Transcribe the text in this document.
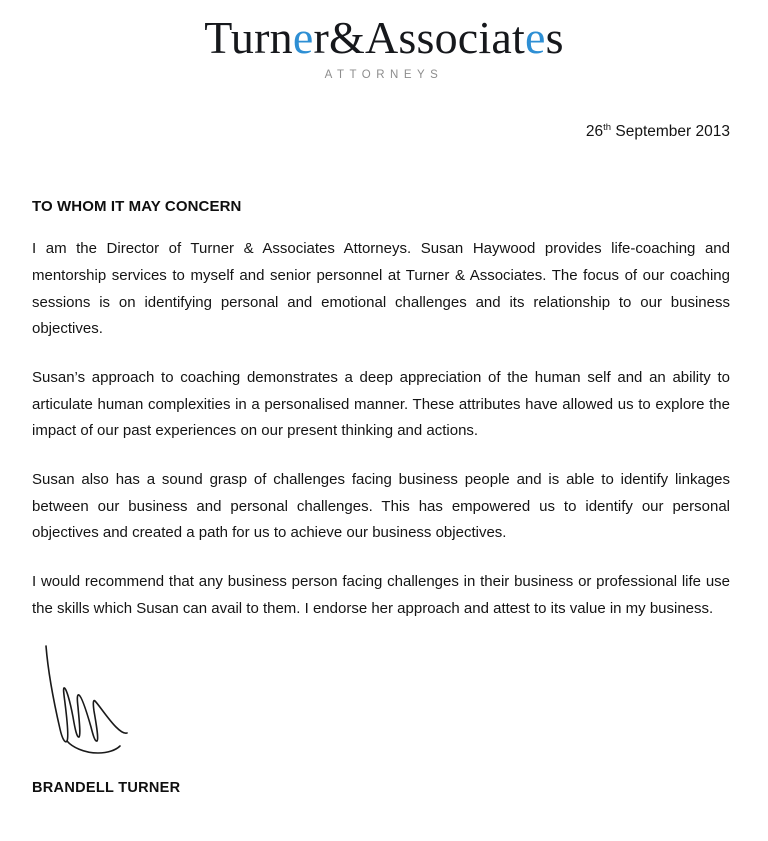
Turner&Associates
ATTORNEYS
26th September 2013
TO WHOM IT MAY CONCERN

I am the Director of Turner & Associates Attorneys. Susan Haywood provides life-coaching and mentorship services to myself and senior personnel at Turner & Associates. The focus of our coaching sessions is on identifying personal and emotional challenges and its relationship to our business objectives.

Susan’s approach to coaching demonstrates a deep appreciation of the human self and an ability to articulate human complexities in a personalised manner. These attributes have allowed us to explore the impact of our past experiences on our present thinking and actions.

Susan also has a sound grasp of challenges facing business people and is able to identify linkages between our business and personal challenges. This has empowered us to identify our personal objectives and created a path for us to achieve our business objectives.

I would recommend that any business person facing challenges in their business or professional life use the skills which Susan can avail to them. I endorse her approach and attest to its value in my business.

BRANDELL TURNER
